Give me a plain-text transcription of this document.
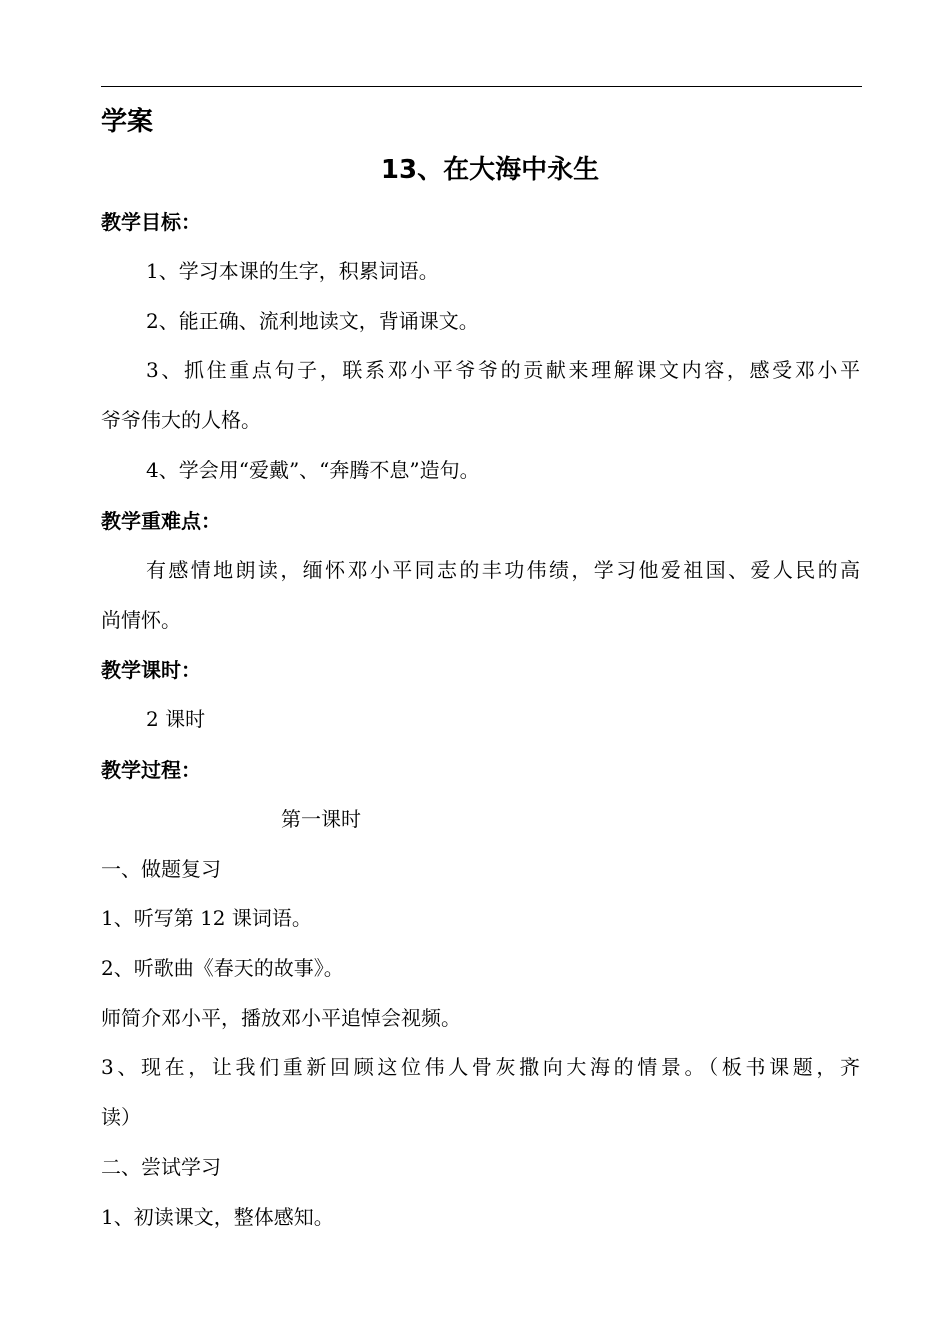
学案
13、在大海中永生
教学目标：
1、学习本课的生字，积累词语。
2、能正确、流利地读文，背诵课文。
3、抓住重点句子，联系邓小平爷爷的贡献来理解课文内容，感受邓小平
爷爷伟大的人格。
4、学会用“爱戴”、“奔腾不息”造句。
教学重难点：
有感情地朗读，缅怀邓小平同志的丰功伟绩，学习他爱祖国、爱人民的高
尚情怀。
教学课时：
2 课时
教学过程：
第一课时
一、做题复习
1、听写第 12 课词语。
2、听歌曲《春天的故事》。
师简介邓小平，播放邓小平追悼会视频。
3、现在，让我们重新回顾这位伟人骨灰撒向大海的情景。（板书课题，齐
读）
二、尝试学习
1、初读课文，整体感知。
